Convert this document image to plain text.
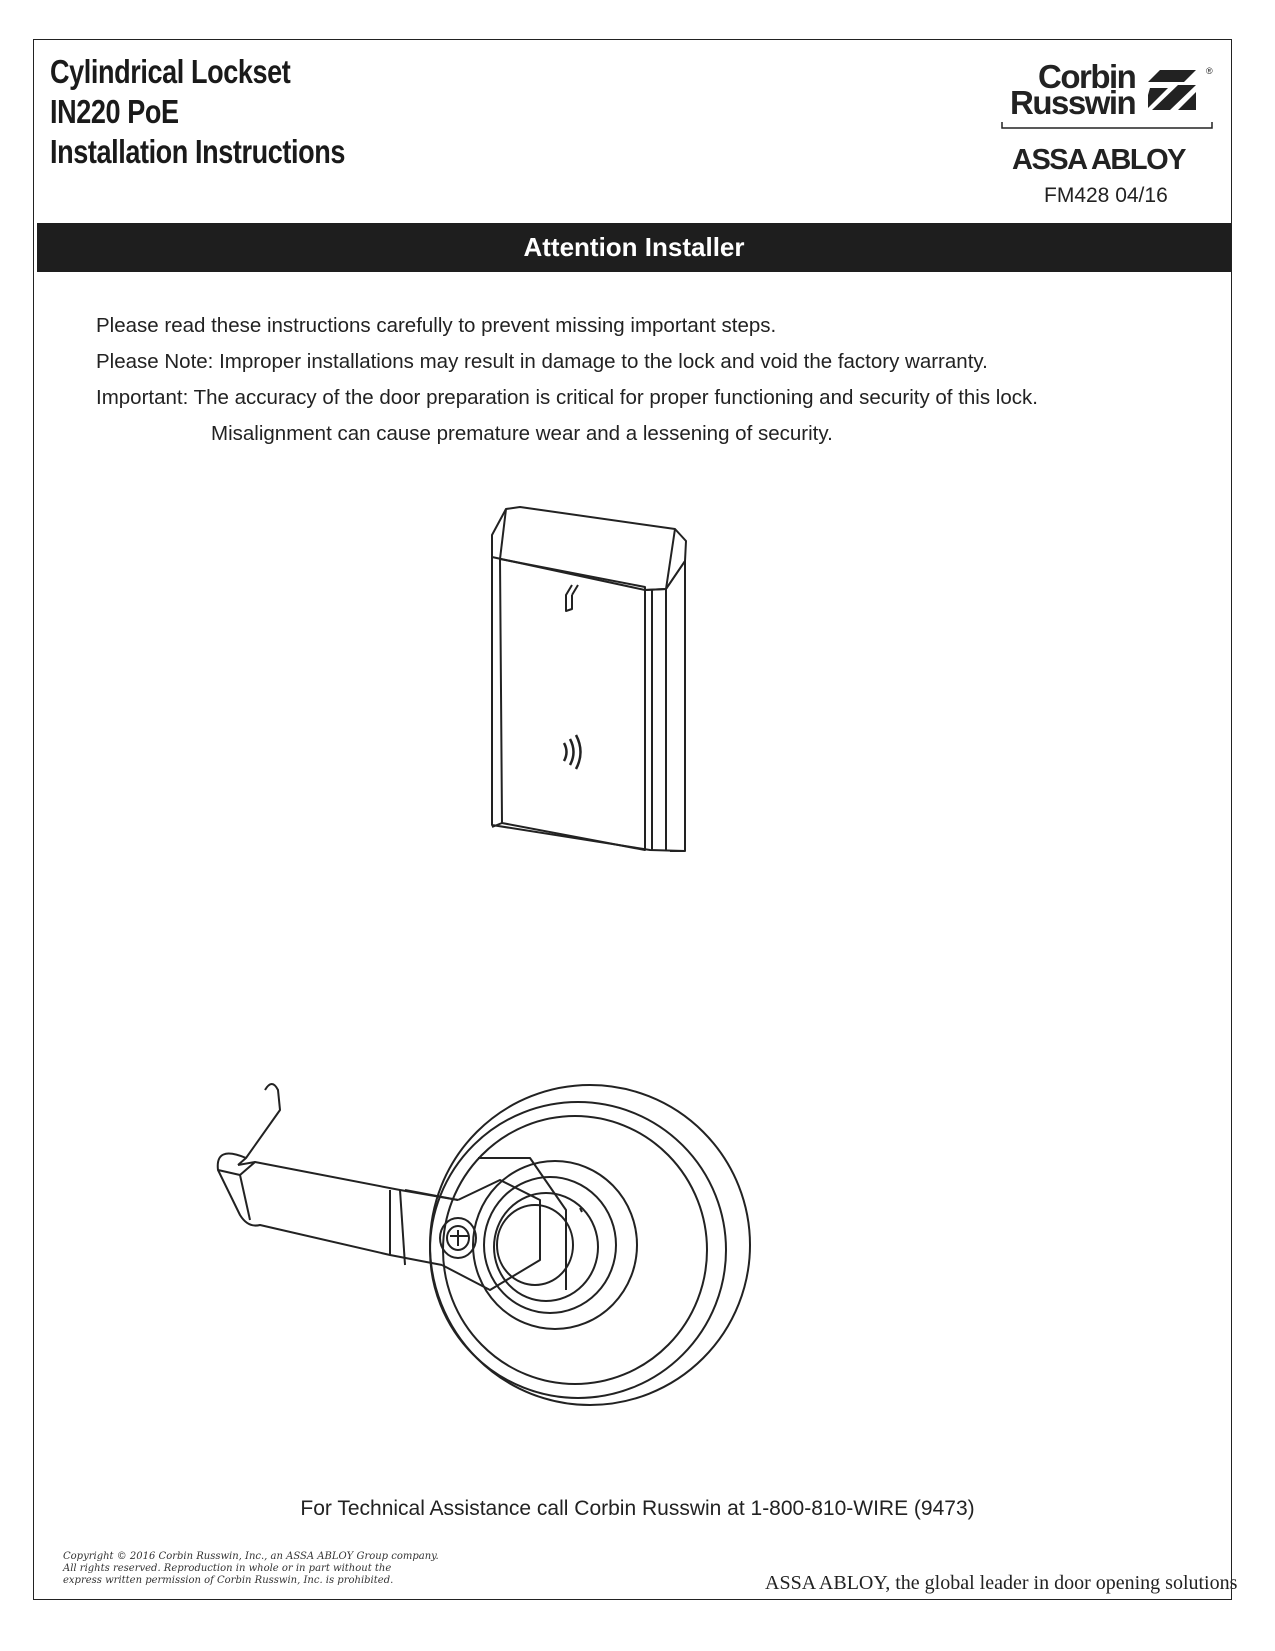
Cylindrical Lockset
IN220 PoE
Installation Instructions
Corbin
Russwin
®
ASSA ABLOY
FM428 04/16
Attention Installer

Please read these instructions carefully to prevent missing important steps.

Please Note: Improper installations may result in damage to the lock and void the factory warranty.

Important: The accuracy of the door preparation is critical for proper functioning and security of this lock.

Misalignment can cause premature wear and a lessening of security.

For Technical Assistance call Corbin Russwin at 1-800-810-WIRE (9473)
Copyright © 2016 Corbin Russwin, Inc., an ASSA ABLOY Group company.
All rights reserved. Reproduction in whole or in part without the
express written permission of Corbin Russwin, Inc. is prohibited.	ASSA ABLOY, the global leader in door opening solutions
